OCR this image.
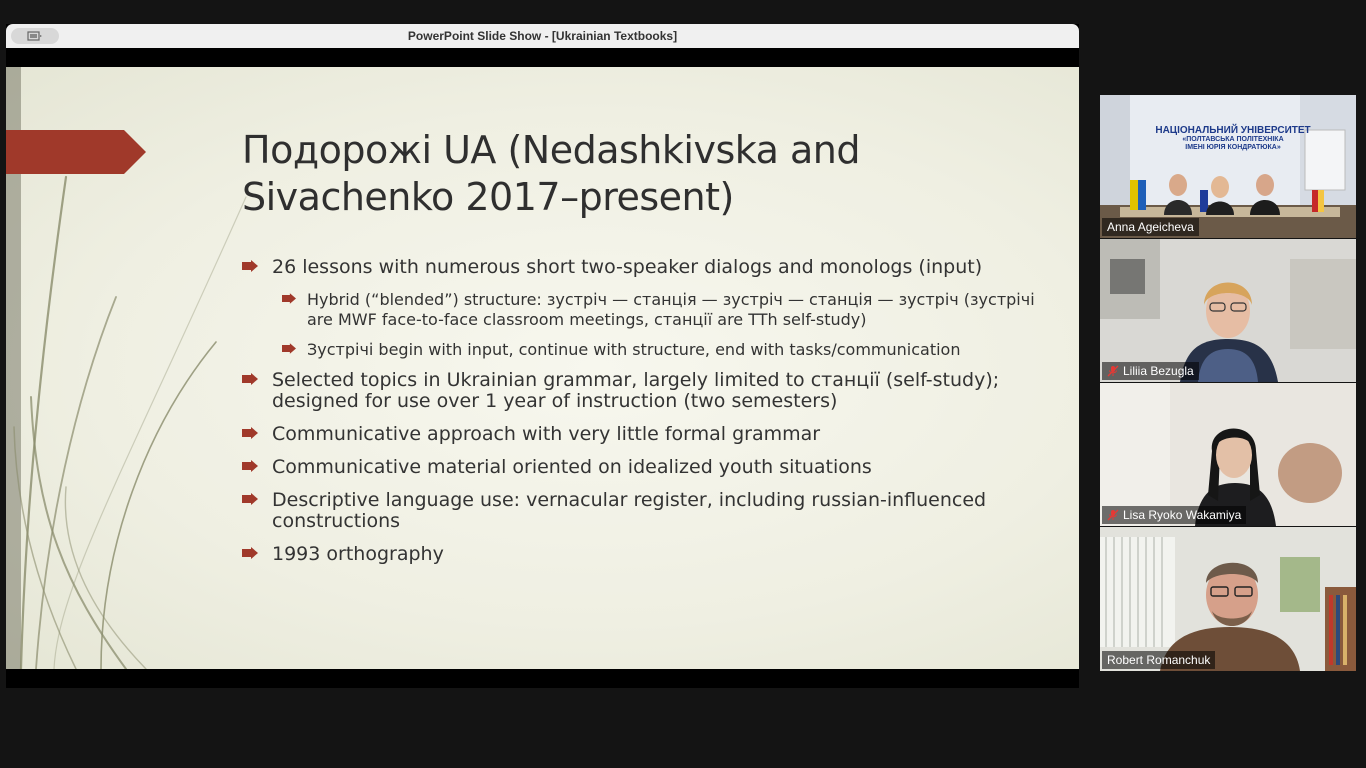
PowerPoint Slide Show - [Ukrainian Textbooks]
Подорожі UA (Nedashkivska and
Sivachenko 2017–present)
26 lessons with numerous short two-speaker dialogs and monologs (input)
Hybrid (“blended”) structure: зустріч — станція — зустріч — станція — зустріч (зустрічі are MWF face-to-face classroom meetings, станції are TTh self-study)
Зустрічі begin with input, continue with structure, end with tasks/communication
Selected topics in Ukrainian grammar, largely limited to станції (self-study); designed for use over 1 year of instruction (two semesters)
Communicative approach with very little formal grammar
Communicative material oriented on idealized youth situations
Descriptive language use: vernacular register, including russian-influenced constructions
1993 orthography
НАЦІОНАЛЬНИЙ УНІВЕРСИТЕТ
«ПОЛТАВСЬКА ПОЛІТЕХНІКА
ІМЕНІ ЮРІЯ КОНДРАТЮКА»
Anna Ageicheva
Liliia Bezugla
Lisa Ryoko Wakamiya
Robert Romanchuk
